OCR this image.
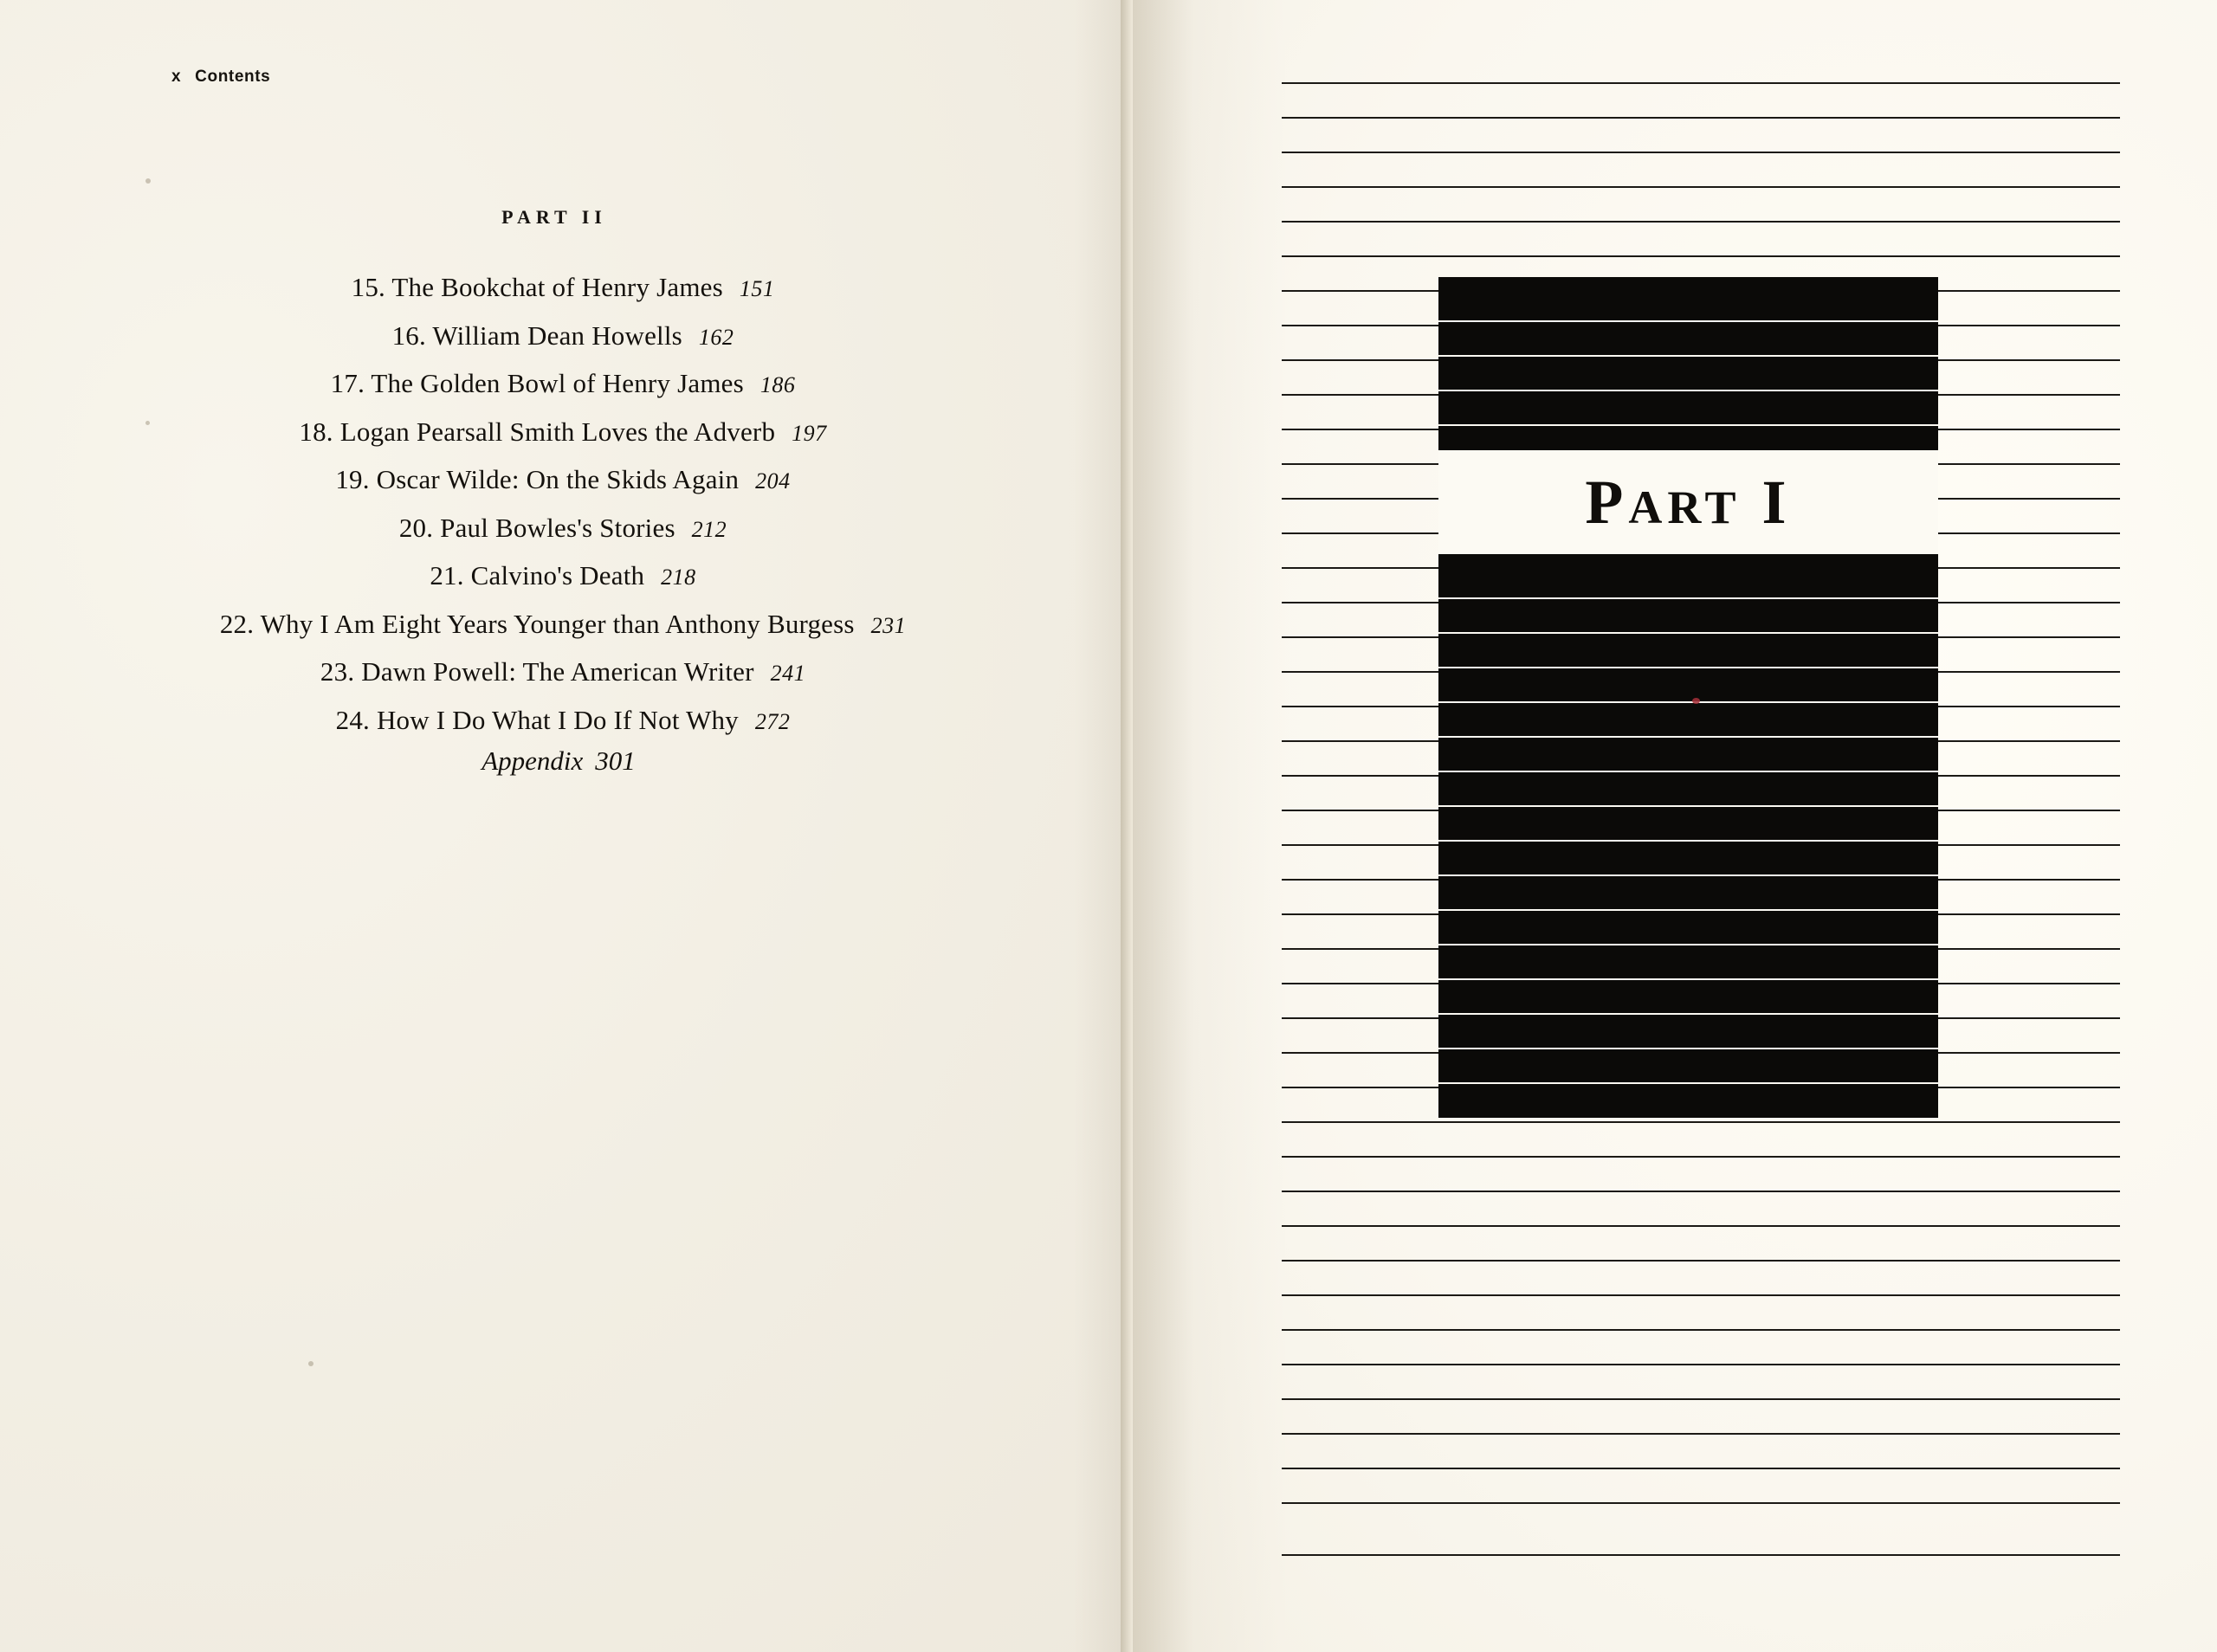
x Contents
PART II
15. The Bookchat of Henry James 151
16. William Dean Howells 162
17. The Golden Bowl of Henry James 186
18. Logan Pearsall Smith Loves the Adverb 197
19. Oscar Wilde: On the Skids Again 204
20. Paul Bowles's Stories 212
21. Calvino's Death 218
22. Why I Am Eight Years Younger than Anthony Burgess 231
23. Dawn Powell: The American Writer 241
24. How I Do What I Do If Not Why 272
Appendix 301

PART I
